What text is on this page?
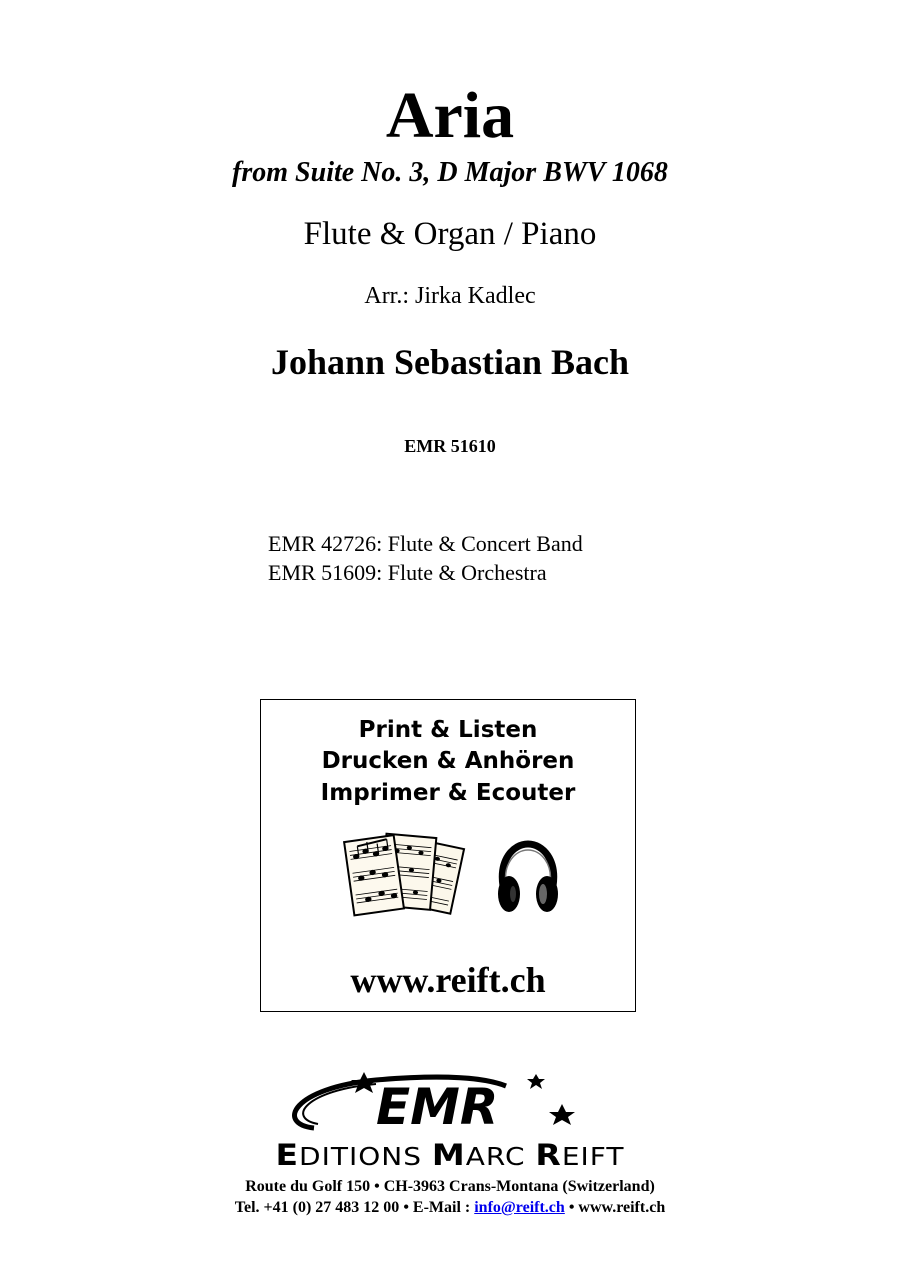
Aria
from Suite No. 3, D Major BWV 1068
Flute & Organ / Piano
Arr.: Jirka Kadlec
Johann Sebastian Bach
EMR 51610
EMR 42726: Flute & Concert Band
EMR 51609: Flute & Orchestra
Print & Listen
Drucken & Anhören
Imprimer & Ecouter
www.reift.ch
EMR
EDITIONS MARC REIFT
Route du Golf 150 • CH-3963 Crans-Montana (Switzerland)
Tel. +41 (0) 27 483 12 00 • E-Mail : info@reift.ch • www.reift.ch
